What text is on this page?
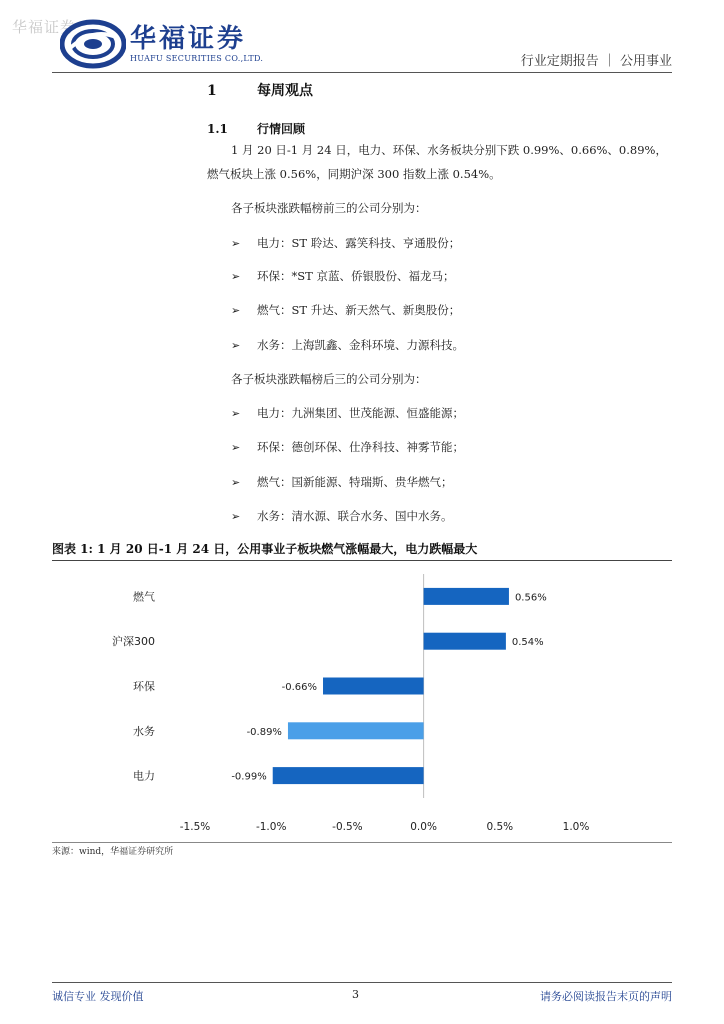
华福证券 华福证券
HUAFU SECURITIES CO.,LTD.	行业定期报告 ｜ 公用事业
1	每周观点
1.1 行情回顾
1 月 20 日-1 月 24 日，电力、环保、水务板块分别下跌 0.99%、0.66%、0.89%，燃气板块上涨 0.56%，同期沪深 300 指数上涨 0.54%。
各子板块涨跌幅榜前三的公司分别为：
➢ 电力：ST 聆达、露笑科技、亨通股份；
➢ 环保：*ST 京蓝、侨银股份、福龙马；
➢ 燃气：ST 升达、新天然气、新奥股份；
➢ 水务：上海凯鑫、金科环境、力源科技。
各子板块涨跌幅榜后三的公司分别为：
➢ 电力：九洲集团、世茂能源、恒盛能源；
➢ 环保：德创环保、仕净科技、神雾节能；
➢ 燃气：国新能源、特瑞斯、贵华燃气；
➢ 水务：清水源、联合水务、国中水务。
图表 1: 1 月 20 日-1 月 24 日，公用事业子板块燃气涨幅最大，电力跌幅最大
燃气	0.56%
沪深300	0.54%
环保	-0.66%
水务	-0.89%
电力	-0.99%
-1.5%	-1.0%	-0.5%	0.0%	0.5%	1.0%
来源：wind，华福证券研究所
诚信专业 发现价值	3	请务必阅读报告末页的声明
